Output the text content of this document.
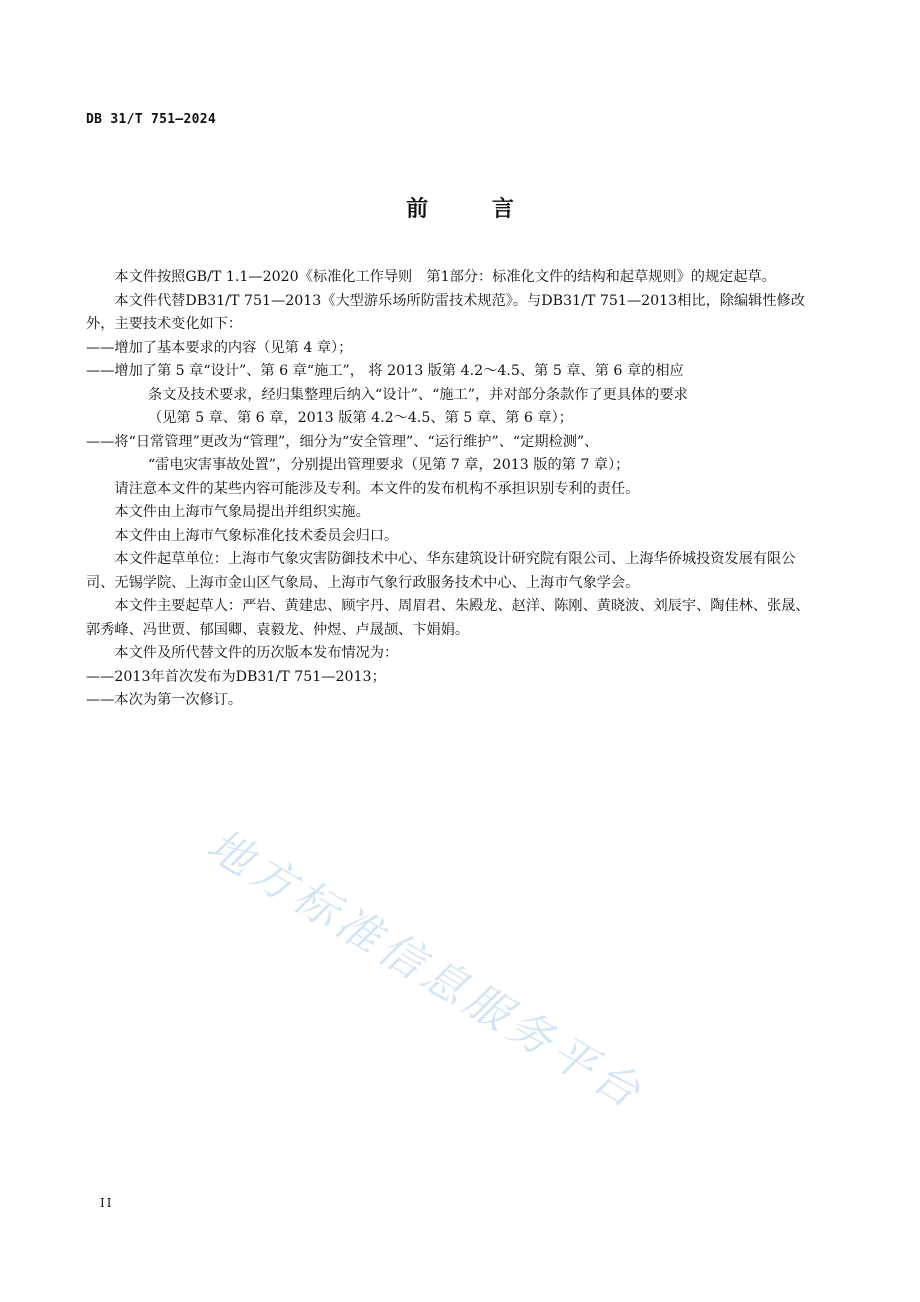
DB 31/T 751—2024
前 言

本文件按照GB/T 1.1—2020《标准化工作导则　第1部分：标准化文件的结构和起草规则》的规定起草。

本文件代替DB31/T 751—2013《大型游乐场所防雷技术规范》。与DB31/T 751—2013相比，除编辑性修改外，主要技术变化如下：

——增加了基本要求的内容（见第 4 章）；

——增加了第 5 章“设计”、第 6 章“施工”， 将 2013 版第 4.2～4.5、第 5 章、第 6 章的相应

条文及技术要求，经归集整理后纳入“设计”、“施工”，并对部分条款作了更具体的要求

（见第 5 章、第 6 章，2013 版第 4.2～4.5、第 5 章、第 6 章）；

——将“日常管理”更改为“管理”，细分为“安全管理”、“运行维护”、“定期检测”、

“雷电灾害事故处置”，分别提出管理要求（见第 7 章，2013 版的第 7 章）；

请注意本文件的某些内容可能涉及专利。本文件的发布机构不承担识别专利的责任。

本文件由上海市气象局提出并组织实施。

本文件由上海市气象标准化技术委员会归口。

本文件起草单位：上海市气象灾害防御技术中心、华东建筑设计研究院有限公司、上海华侨城投资发展有限公司、无锡学院、上海市金山区气象局、上海市气象行政服务技术中心、上海市气象学会。

本文件主要起草人：严岩、黄建忠、顾宇丹、周眉君、朱殿龙、赵洋、陈刚、黄晓波、刘辰宇、陶佳林、张晟、郭秀峰、冯世贾、郁国卿、袁毅龙、仲煜、卢晟颉、卞娟娟。

本文件及所代替文件的历次版本发布情况为：

——2013年首次发布为DB31/T 751—2013；

——本次为第一次修订。

地方标准信息服务平台
II
